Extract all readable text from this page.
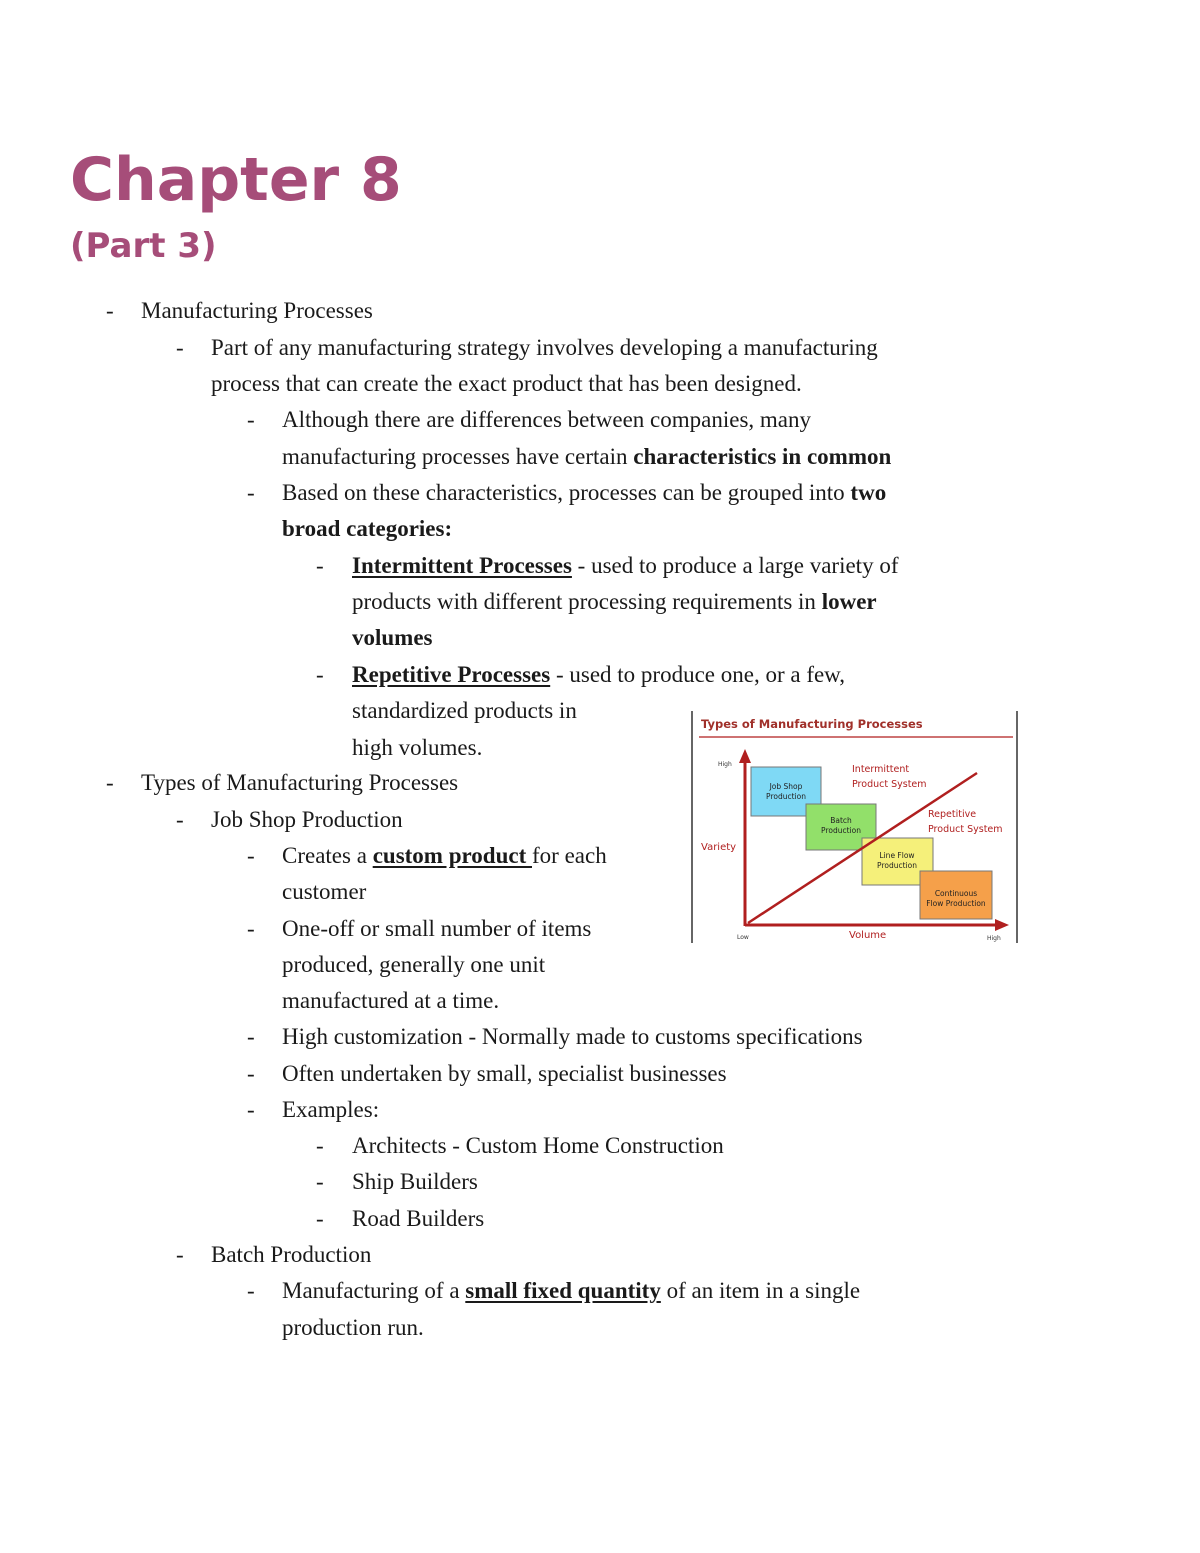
Chapter 8
(Part 3)
- Manufacturing Processes
- Part of any manufacturing strategy involves developing a manufacturing
process that can create the exact product that has been designed.
- Although there are differences between companies, many
manufacturing processes have certain characteristics in common
- Based on these characteristics, processes can be grouped into two
broad categories:
- Intermittent Processes - used to produce a large variety of
products with different processing requirements in lower
volumes
- Repetitive Processes - used to produce one, or a few,
standardized products in
high volumes.
- Types of Manufacturing Processes
- Job Shop Production
- Creates a custom product for each
customer
- One-off or small number of items
produced, generally one unit
manufactured at a time.
- High customization - Normally made to customs specifications
- Often undertaken by small, specialist businesses
- Examples:
- Architects - Custom Home Construction
- Ship Builders
- Road Builders
- Batch Production
- Manufacturing of a small fixed quantity of an item in a single
production run.
Types of Manufacturing Processes
High
Variety
Low	Volume	High
Job Shop
Production
Batch
Production
Line Flow
Production
Continuous
Flow Production
Intermittent
Product System
Repetitive
Product System
